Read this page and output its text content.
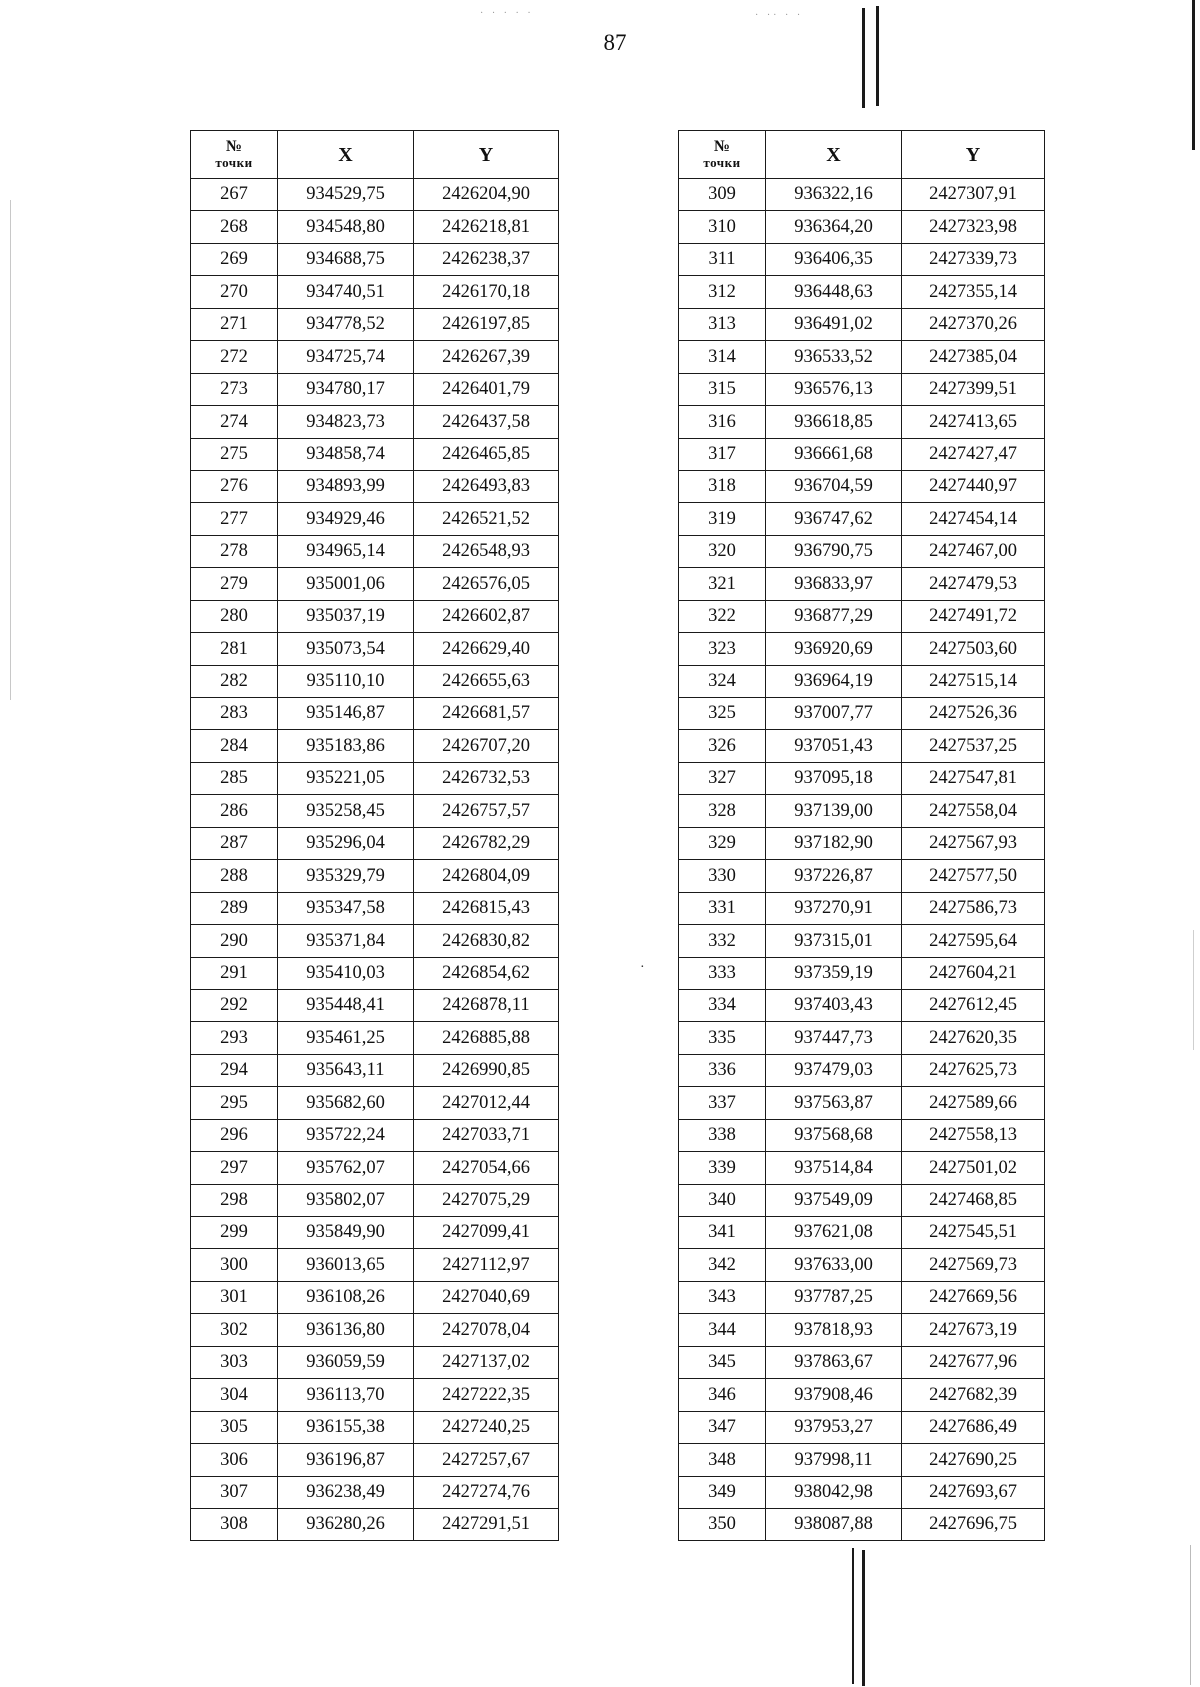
87
· · · · ·	· ·· · ·
·
№
точки	X	Y
267	934529,75	2426204,90
268	934548,80	2426218,81
269	934688,75	2426238,37
270	934740,51	2426170,18
271	934778,52	2426197,85
272	934725,74	2426267,39
273	934780,17	2426401,79
274	934823,73	2426437,58
275	934858,74	2426465,85
276	934893,99	2426493,83
277	934929,46	2426521,52
278	934965,14	2426548,93
279	935001,06	2426576,05
280	935037,19	2426602,87
281	935073,54	2426629,40
282	935110,10	2426655,63
283	935146,87	2426681,57
284	935183,86	2426707,20
285	935221,05	2426732,53
286	935258,45	2426757,57
287	935296,04	2426782,29
288	935329,79	2426804,09
289	935347,58	2426815,43
290	935371,84	2426830,82
291	935410,03	2426854,62
292	935448,41	2426878,11
293	935461,25	2426885,88
294	935643,11	2426990,85
295	935682,60	2427012,44
296	935722,24	2427033,71
297	935762,07	2427054,66
298	935802,07	2427075,29
299	935849,90	2427099,41
300	936013,65	2427112,97
301	936108,26	2427040,69
302	936136,80	2427078,04
303	936059,59	2427137,02
304	936113,70	2427222,35
305	936155,38	2427240,25
306	936196,87	2427257,67
307	936238,49	2427274,76
308	936280,26	2427291,51
№
точки	X	Y
309	936322,16	2427307,91
310	936364,20	2427323,98
311	936406,35	2427339,73
312	936448,63	2427355,14
313	936491,02	2427370,26
314	936533,52	2427385,04
315	936576,13	2427399,51
316	936618,85	2427413,65
317	936661,68	2427427,47
318	936704,59	2427440,97
319	936747,62	2427454,14
320	936790,75	2427467,00
321	936833,97	2427479,53
322	936877,29	2427491,72
323	936920,69	2427503,60
324	936964,19	2427515,14
325	937007,77	2427526,36
326	937051,43	2427537,25
327	937095,18	2427547,81
328	937139,00	2427558,04
329	937182,90	2427567,93
330	937226,87	2427577,50
331	937270,91	2427586,73
332	937315,01	2427595,64
333	937359,19	2427604,21
334	937403,43	2427612,45
335	937447,73	2427620,35
336	937479,03	2427625,73
337	937563,87	2427589,66
338	937568,68	2427558,13
339	937514,84	2427501,02
340	937549,09	2427468,85
341	937621,08	2427545,51
342	937633,00	2427569,73
343	937787,25	2427669,56
344	937818,93	2427673,19
345	937863,67	2427677,96
346	937908,46	2427682,39
347	937953,27	2427686,49
348	937998,11	2427690,25
349	938042,98	2427693,67
350	938087,88	2427696,75
